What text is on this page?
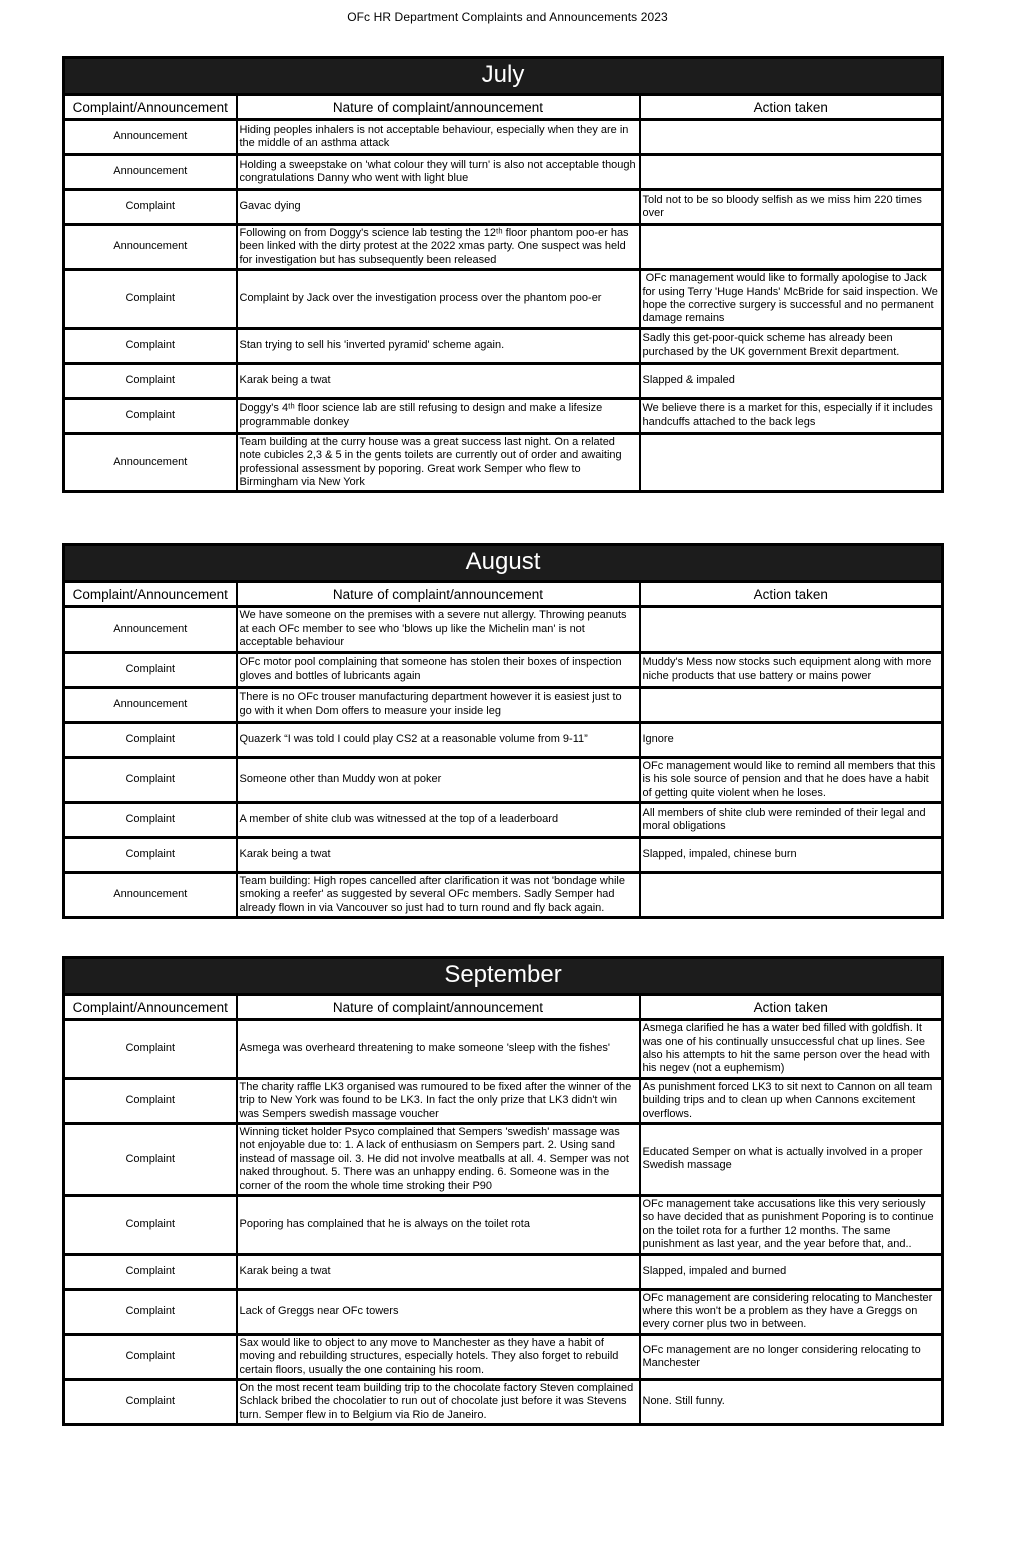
OFc HR Department Complaints and Announcements 2023
July		
Complaint/Announcement	Nature of complaint/announcement	Action taken
Announcement	Hiding peoples inhalers is not acceptable behaviour, especially when they are in the middle of an asthma attack	
Announcement	Holding a sweepstake on 'what colour they will turn' is also not acceptable though congratulations Danny who went with light blue	
Complaint	Gavac dying	Told not to be so bloody selfish as we miss him 220 times over
Announcement	Following on from Doggy's science lab testing the 12ᵗʰ floor phantom poo-er has been linked with the dirty protest at the 2022 xmas party. One suspect was held for investigation but has subsequently been released	
Complaint	Complaint by Jack over the investigation process over the phantom poo-er	OFc management would like to formally apologise to Jack for using Terry 'Huge Hands' McBride for said inspection. We hope the corrective surgery is successful and no permanent damage remains
Complaint	Stan trying to sell his 'inverted pyramid' scheme again.	Sadly this get-poor-quick scheme has already been purchased by the UK government Brexit department.
Complaint	Karak being a twat	Slapped & impaled
Complaint	Doggy's 4ᵗʰ floor science lab are still refusing to design and make a lifesize programmable donkey	We believe there is a market for this, especially if it includes handcuffs attached to the back legs
Announcement	Team building at the curry house was a great success last night. On a related note cubicles 2,3 & 5 in the gents toilets are currently out of order and awaiting professional assessment by poporing. Great work Semper who flew to Birmingham via New York	
August		
Complaint/Announcement	Nature of complaint/announcement	Action taken
Announcement	We have someone on the premises with a severe nut allergy. Throwing peanuts at each OFc member to see who 'blows up like the Michelin man' is not acceptable behaviour	
Complaint	OFc motor pool complaining that someone has stolen their boxes of inspection gloves and bottles of lubricants again	Muddy's Mess now stocks such equipment along with more niche products that use battery or mains power
Announcement	There is no OFc trouser manufacturing department however it is easiest just to go with it when Dom offers to measure your inside leg	
Complaint	Quazerk “I was told I could play CS2 at a reasonable volume from 9-11”	Ignore
Complaint	Someone other than Muddy won at poker	OFc management would like to remind all members that this is his sole source of pension and that he does have a habit of getting quite violent when he loses.
Complaint	A member of shite club was witnessed at the top of a leaderboard	All members of shite club were reminded of their legal and moral obligations
Complaint	Karak being a twat	Slapped, impaled, chinese burn
Announcement	Team building: High ropes cancelled after clarification it was not 'bondage while smoking a reefer' as suggested by several OFc members. Sadly Semper had already flown in via Vancouver so just had to turn round and fly back again.	
September		
Complaint/Announcement	Nature of complaint/announcement	Action taken
Complaint	Asmega was overheard threatening to make someone 'sleep with the fishes'	Asmega clarified he has a water bed filled with goldfish. It was one of his continually unsuccessful chat up lines. See also his attempts to hit the same person over the head with his negev (not a euphemism)
Complaint	The charity raffle LK3 organised was rumoured to be fixed after the winner of the trip to New York was found to be LK3. In fact the only prize that LK3 didn't win was Sempers swedish massage voucher	As punishment forced LK3 to sit next to Cannon on all team building trips and to clean up when Cannons excitement overflows.
Complaint	Winning ticket holder Psyco complained that Sempers 'swedish' massage was not enjoyable due to: 1. A lack of enthusiasm on Sempers part. 2. Using sand instead of massage oil. 3. He did not involve meatballs at all. 4. Semper was not naked throughout. 5. There was an unhappy ending. 6. Someone was in the corner of the room the whole time stroking their P90	Educated Semper on what is actually involved in a proper Swedish massage
Complaint	Poporing has complained that he is always on the toilet rota	OFc management take accusations like this very seriously so have decided that as punishment Poporing is to continue on the toilet rota for a further 12 months. The same punishment as last year, and the year before that, and..
Complaint	Karak being a twat	Slapped, impaled and burned
Complaint	Lack of Greggs near OFc towers	OFc management are considering relocating to Manchester where this won't be a problem as they have a Greggs on every corner plus two in between.
Complaint	Sax would like to object to any move to Manchester as they have a habit of moving and rebuilding structures, especially hotels. They also forget to rebuild certain floors, usually the one containing his room.	OFc management are no longer considering relocating to Manchester
Complaint	On the most recent team building trip to the chocolate factory Steven complained Schlack bribed the chocolatier to run out of chocolate just before it was Stevens turn. Semper flew in to Belgium via Rio de Janeiro.	None. Still funny.
